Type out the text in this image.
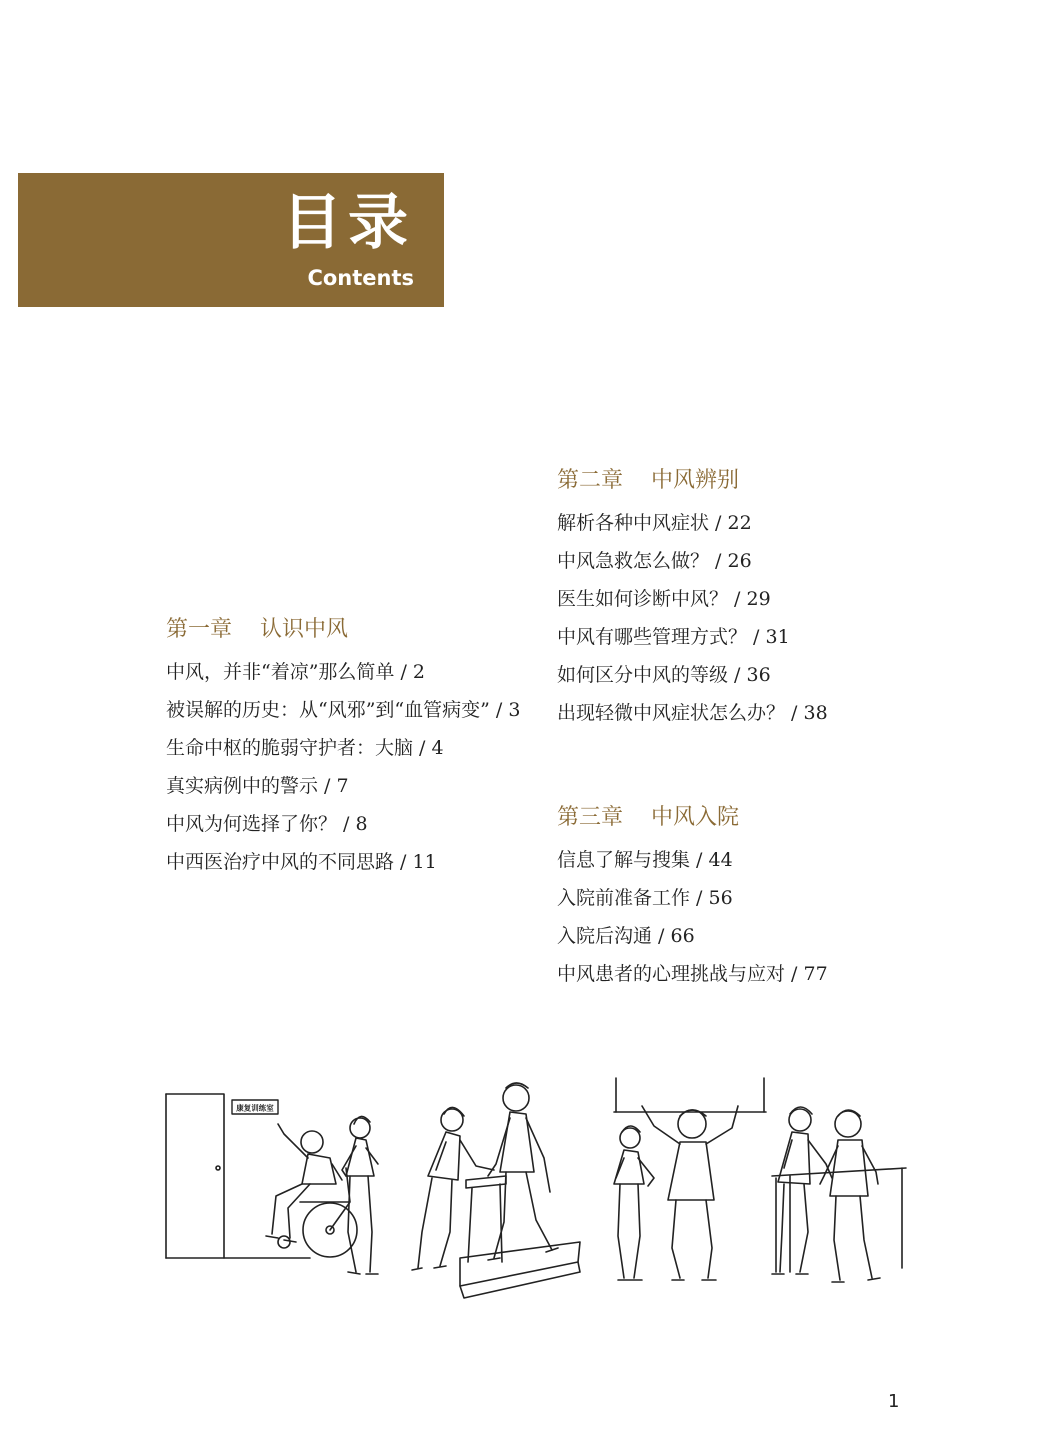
目录
Contents
第一章 认识中风
中风，并非“着凉”那么简单 / 2
被误解的历史：从“风邪”到“血管病变” / 3
生命中枢的脆弱守护者：大脑 / 4
真实病例中的警示 / 7
中风为何选择了你？ / 8
中西医治疗中风的不同思路 / 11
第二章 中风辨别
解析各种中风症状 / 22
中风急救怎么做？ / 26
医生如何诊断中风？ / 29
中风有哪些管理方式？ / 31
如何区分中风的等级 / 36
出现轻微中风症状怎么办？ / 38
第三章 中风入院
信息了解与搜集 / 44
入院前准备工作 / 56
入院后沟通 / 66
中风患者的心理挑战与应对 / 77
康复训练室
1
